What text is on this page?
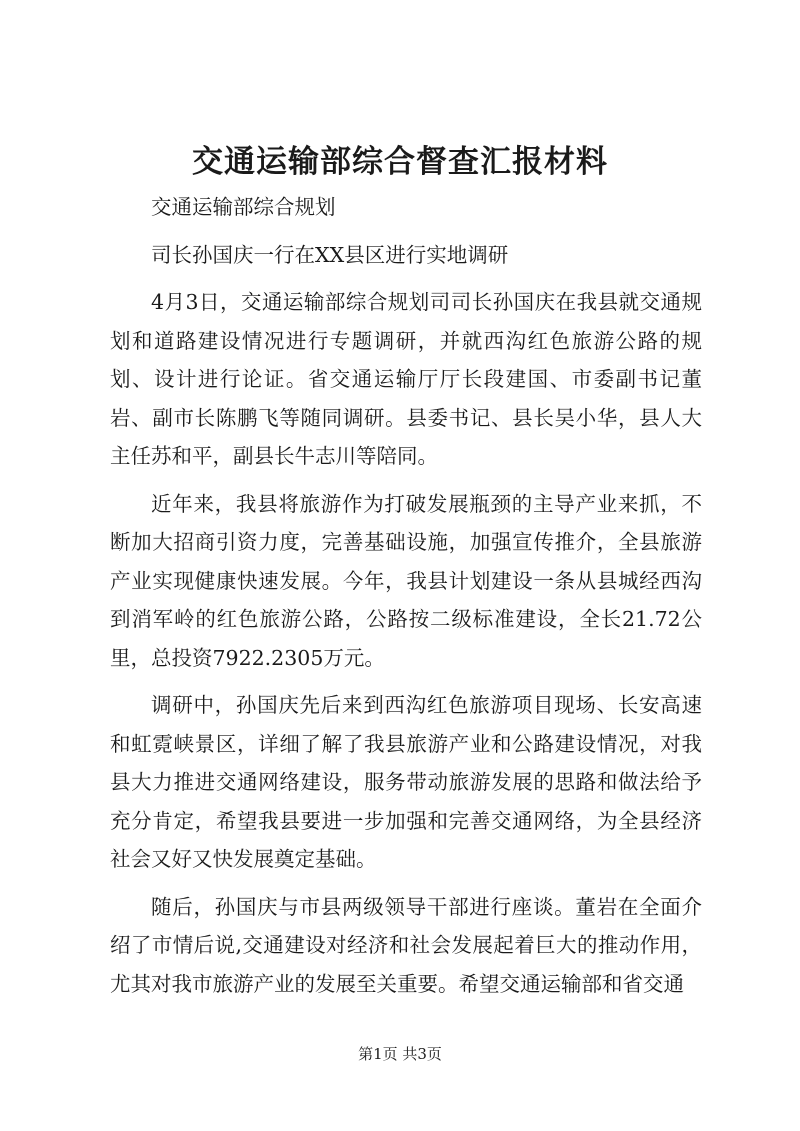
交通运输部综合督查汇报材料

交通运输部综合规划

司长孙国庆一行在XX县区进行实地调研

4月3日，交通运输部综合规划司司长孙国庆在我县就交通规划和道路建设情况进行专题调研，并就西沟红色旅游公路的规划、设计进行论证。省交通运输厅厅长段建国、市委副书记董岩、副市长陈鹏飞等随同调研。县委书记、县长吴小华，县人大主任苏和平，副县长牛志川等陪同。

近年来，我县将旅游作为打破发展瓶颈的主导产业来抓，不断加大招商引资力度，完善基础设施，加强宣传推介，全县旅游产业实现健康快速发展。今年，我县计划建设一条从县城经西沟到消军岭的红色旅游公路，公路按二级标准建设，全长21.72公里，总投资7922.2305万元。

调研中，孙国庆先后来到西沟红色旅游项目现场、长安高速和虹霓峡景区，详细了解了我县旅游产业和公路建设情况，对我县大力推进交通网络建设，服务带动旅游发展的思路和做法给予充分肯定，希望我县要进一步加强和完善交通网络，为全县经济社会又好又快发展奠定基础。

随后，孙国庆与市县两级领导干部进行座谈。董岩在全面介绍了市情后说,交通建设对经济和社会发展起着巨大的推动作用，尤其对我市旅游产业的发展至关重要。希望交通运输部和省交通

第1页 共3页
